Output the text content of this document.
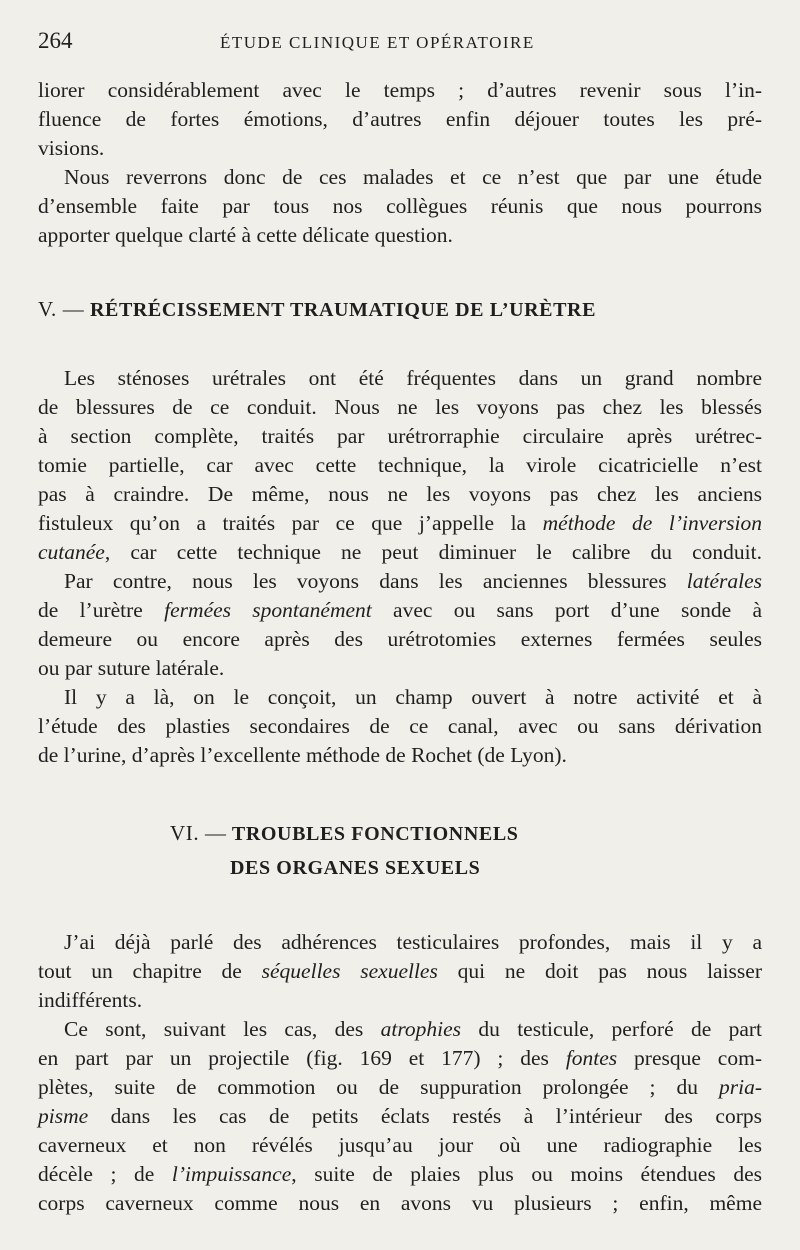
264	ÉTUDE CLINIQUE ET OPÉRATOIRE
liorer considérablement avec le temps ; d’autres revenir sous l’in-
fluence de fortes émotions, d’autres enfin déjouer toutes les pré-
visions.
Nous reverrons donc de ces malades et ce n’est que par une étude
d’ensemble faite par tous nos collègues réunis que nous pourrons
apporter quelque clarté à cette délicate question.
V. — RÉTRÉCISSEMENT TRAUMATIQUE DE L’URÈTRE
Les sténoses urétrales ont été fréquentes dans un grand nombre
de blessures de ce conduit. Nous ne les voyons pas chez les blessés
à section complète, traités par urétrorraphie circulaire après urétrec-
tomie partielle, car avec cette technique, la virole cicatricielle n’est
pas à craindre. De même, nous ne les voyons pas chez les anciens
fistuleux qu’on a traités par ce que j’appelle la méthode de l’inversion
cutanée, car cette technique ne peut diminuer le calibre du conduit.
Par contre, nous les voyons dans les anciennes blessures latérales
de l’urètre fermées spontanément avec ou sans port d’une sonde à
demeure ou encore après des urétrotomies externes fermées seules
ou par suture latérale.
Il y a là, on le conçoit, un champ ouvert à notre activité et à
l’étude des plasties secondaires de ce canal, avec ou sans dérivation
de l’urine, d’après l’excellente méthode de Rochet (de Lyon).
VI. — TROUBLES FONCTIONNELS
DES ORGANES SEXUELS
J’ai déjà parlé des adhérences testiculaires profondes, mais il y a
tout un chapitre de séquelles sexuelles qui ne doit pas nous laisser
indifférents.
Ce sont, suivant les cas, des atrophies du testicule, perforé de part
en part par un projectile (fig. 169 et 177) ; des fontes presque com-
plètes, suite de commotion ou de suppuration prolongée ; du pria-
pisme dans les cas de petits éclats restés à l’intérieur des corps
caverneux et non révélés jusqu’au jour où une radiographie les
décèle ; de l’impuissance, suite de plaies plus ou moins étendues des
corps caverneux comme nous en avons vu plusieurs ; enfin, même
